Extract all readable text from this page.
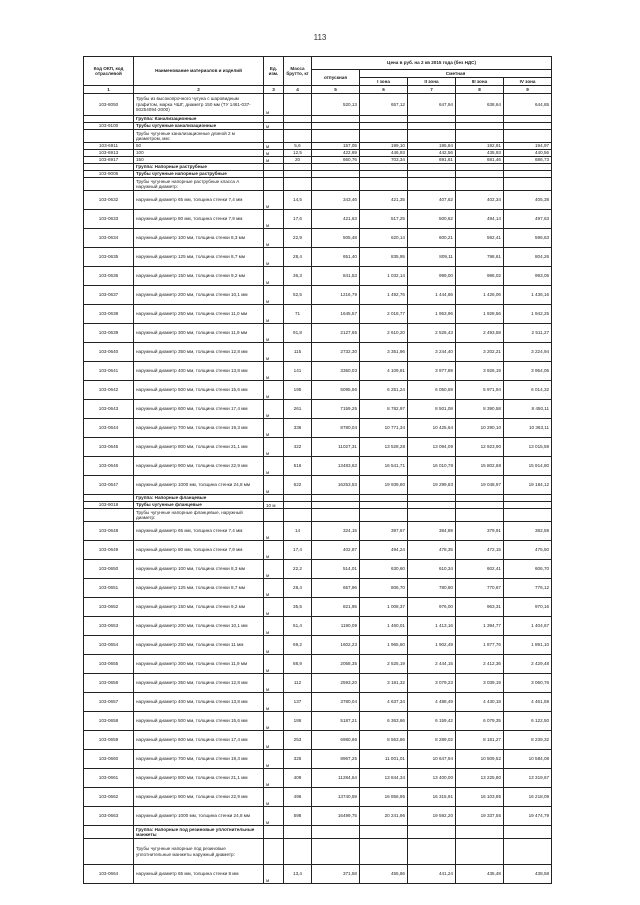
113
Код ОКП, код отраслевой	Наименование материалов и изделий	Ед. изм.	Масса брутто, кг	Цена в руб. на 2 кв 2015 года (без НДС)				
				отпускная	Сметная			
					I зона	II зона	III зона	IV зона
1	2	3	4	5	6	7	8	9
103-8050	Трубы из высокопрочного чугуна с шаровидным графитом, марка ЧШГ, диаметр 150 мм (ТУ 1461-037-50254094-2000)	м		520,13	657,12	647,94	638,64	644,85
	Группа: Канализационные							
103-9100	Трубы чугунные канализационные	м						
	Трубы чугунные канализационные длиной 2 м диаметром, мм:							
103-6911	50	м	5,6	157,05	199,10	195,84	192,91	194,97
103-6913	100	м	12,5	422,69	446,93	442,56	435,93	440,56
103-6917	150	м	20	660,76	703,34	691,61	681,46	686,73
	Группа: Напорные раструбные							
103-9006	Трубы чугунные напорные раструбные							
	Трубы чугунные напорные раструбные класса А наружный диаметр:							
103-0632	наружный диаметр 65 мм, толщина стенки 7,4 мм	м	14,5	343,46	421,35	407,62	402,34	405,38
103-0633	наружный диаметр 80 мм, толщина стенки 7,9 мм	м	17,6	421,63	517,25	500,62	494,14	497,63
103-0634	наружный диаметр 100 мм, толщина стенки 8,3 мм	м	22,9	505,48	620,14	600,21	592,41	596,63
103-0635	наружный диаметр 125 мм, толщина стенки 8,7 мм	м	28,4	651,40	835,95	809,11	798,61	804,26
103-0636	наружный диаметр 150 мм, толщина стенки 9,2 мм	м	36,3	841,53	1 032,14	999,00	986,02	993,05
103-0637	наружный диаметр 200 мм, толщина стенки 10,1 мм	м	52,5	1216,79	1 492,76	1 444,86	1 426,06	1 436,16
103-0638	наружный диаметр 250 мм, толщина стенки 11,0 мм	м	71	1645,57	2 018,77	1 953,96	1 928,56	1 942,25
103-0639	наружный диаметр 300 мм, толщина стенки 11,9 мм	м	91,8	2127,65	2 610,20	2 526,43	2 493,58	2 511,27
103-0640	наружный диаметр 350 мм, толщина стенки 12,8 мм	м	115	2732,30	3 351,96	3 244,40	3 202,21	3 224,94
103-0641	наружный диаметр 400 мм, толщина стенки 13,8 мм	м	141	3350,03	4 109,81	3 977,89	3 926,19	3 954,05
103-0642	наружный диаметр 500 мм, толщина стенки 15,6 мм	м	195	5095,56	6 251,24	6 050,59	5 971,94	6 014,32
103-0643	наружный диаметр 600 мм, толщина стенки 17,4 мм	м	261	7159,25	8 782,97	8 501,08	8 390,58	8 450,11
103-0644	наружный диаметр 700 мм, толщина стенки 19,3 мм	м	336	8780,04	10 771,34	10 425,64	10 290,10	10 363,11
103-0645	наружный диаметр 800 мм, толщина стенки 21,1 мм	м	422	11027,31	13 528,28	13 094,09	12 923,90	13 015,59
103-0646	наружный диаметр 900 мм, толщина стенки 22,9 мм	м	516	13483,63	16 541,71	16 010,78	15 802,68	15 914,80
103-0647	наружный диаметр 1000 мм, толщина стенки 24,8 мм	м	622	16253,53	19 939,80	19 299,83	19 048,97	19 184,12
	Группа: Напорные фланцевые							
103-9018	Трубы чугунные фланцевые	10 м						
	Трубы чугунные напорные фланцевые, наружный диаметр:							
103-0648	наружный диаметр 65 мм, толщина стенки 7,4 мм	м	14	324,15	397,67	384,89	379,91	382,59
103-0649	наружный диаметр 80 мм, толщина стенки 7,9 мм	м	17,4	402,87	494,24	478,35	472,15	475,50
103-0650	наружный диаметр 100 мм, толщина стенки 8,3 мм	м	22,2	514,01	630,60	610,34	602,41	606,70
103-0651	наружный диаметр 125 мм, толщина стенки 8,7 мм	м	28,4	657,96	806,70	780,80	770,67	776,12
103-0652	наружный диаметр 150 мм, толщина стенки 9,2 мм	м	35,5	821,95	1 008,37	976,00	963,31	970,16
103-0653	наружный диаметр 200 мм, толщина стенки 10,1 мм	м	51,4	1190,09	1 460,01	1 413,16	1 394,77	1 404,67
103-0654	наружный диаметр 250 мм, толщина стенки 11 мм	м	69,2	1602,23	1 965,60	1 902,49	1 877,76	1 891,10
103-0655	наружный диаметр 300 мм, толщина стенки 11,9 мм	м	88,9	2058,35	2 525,19	2 444,15	2 412,36	2 429,48
103-0656	наружный диаметр 350 мм, толщина стенки 12,8 мм	м	112	2593,20	3 181,32	3 079,23	3 039,19	3 060,76
103-0657	наружный диаметр 400 мм, толщина стенки 13,8 мм	м	137	3780,04	4 637,34	4 488,49	4 430,18	4 461,59
103-0658	наружный диаметр 500 мм, толщина стенки 15,6 мм	м	186	5187,21	6 363,66	6 159,42	6 079,35	6 122,50
103-0659	наружный диаметр 600 мм, толщина стенки 17,4 мм	м	253	6980,66	8 563,86	8 289,02	8 181,27	8 239,32
103-0660	наружный диаметр 700 мм, толщина стенки 19,3 мм	м	325	8967,25	11 001,01	10 647,94	10 509,52	10 584,08
103-0661	наружный диаметр 800 мм, толщина стенки 21,1 мм	м	409	11284,64	13 844,34	13 400,00	13 225,80	13 319,67
103-0662	наружный диаметр 900 мм, толщина стенки 22,9 мм	м	496	13740,59	16 856,95	16 315,91	16 103,85	16 218,09
103-0663	наружный диаметр 1000 мм, толщина стенки 24,8 мм	м	598	16499,75	20 241,96	19 592,20	19 337,55	19 474,79
	Группа: Напорные под резиновые уплотнительные манжеты							
	Трубы чугунные напорные под резиновые уплотнительные манжеты наружный диаметр:							
103-0664	наружный диаметр 65 мм, толщина стенки 8 мм	м	13,4	371,58	455,86	441,24	435,48	438,58
